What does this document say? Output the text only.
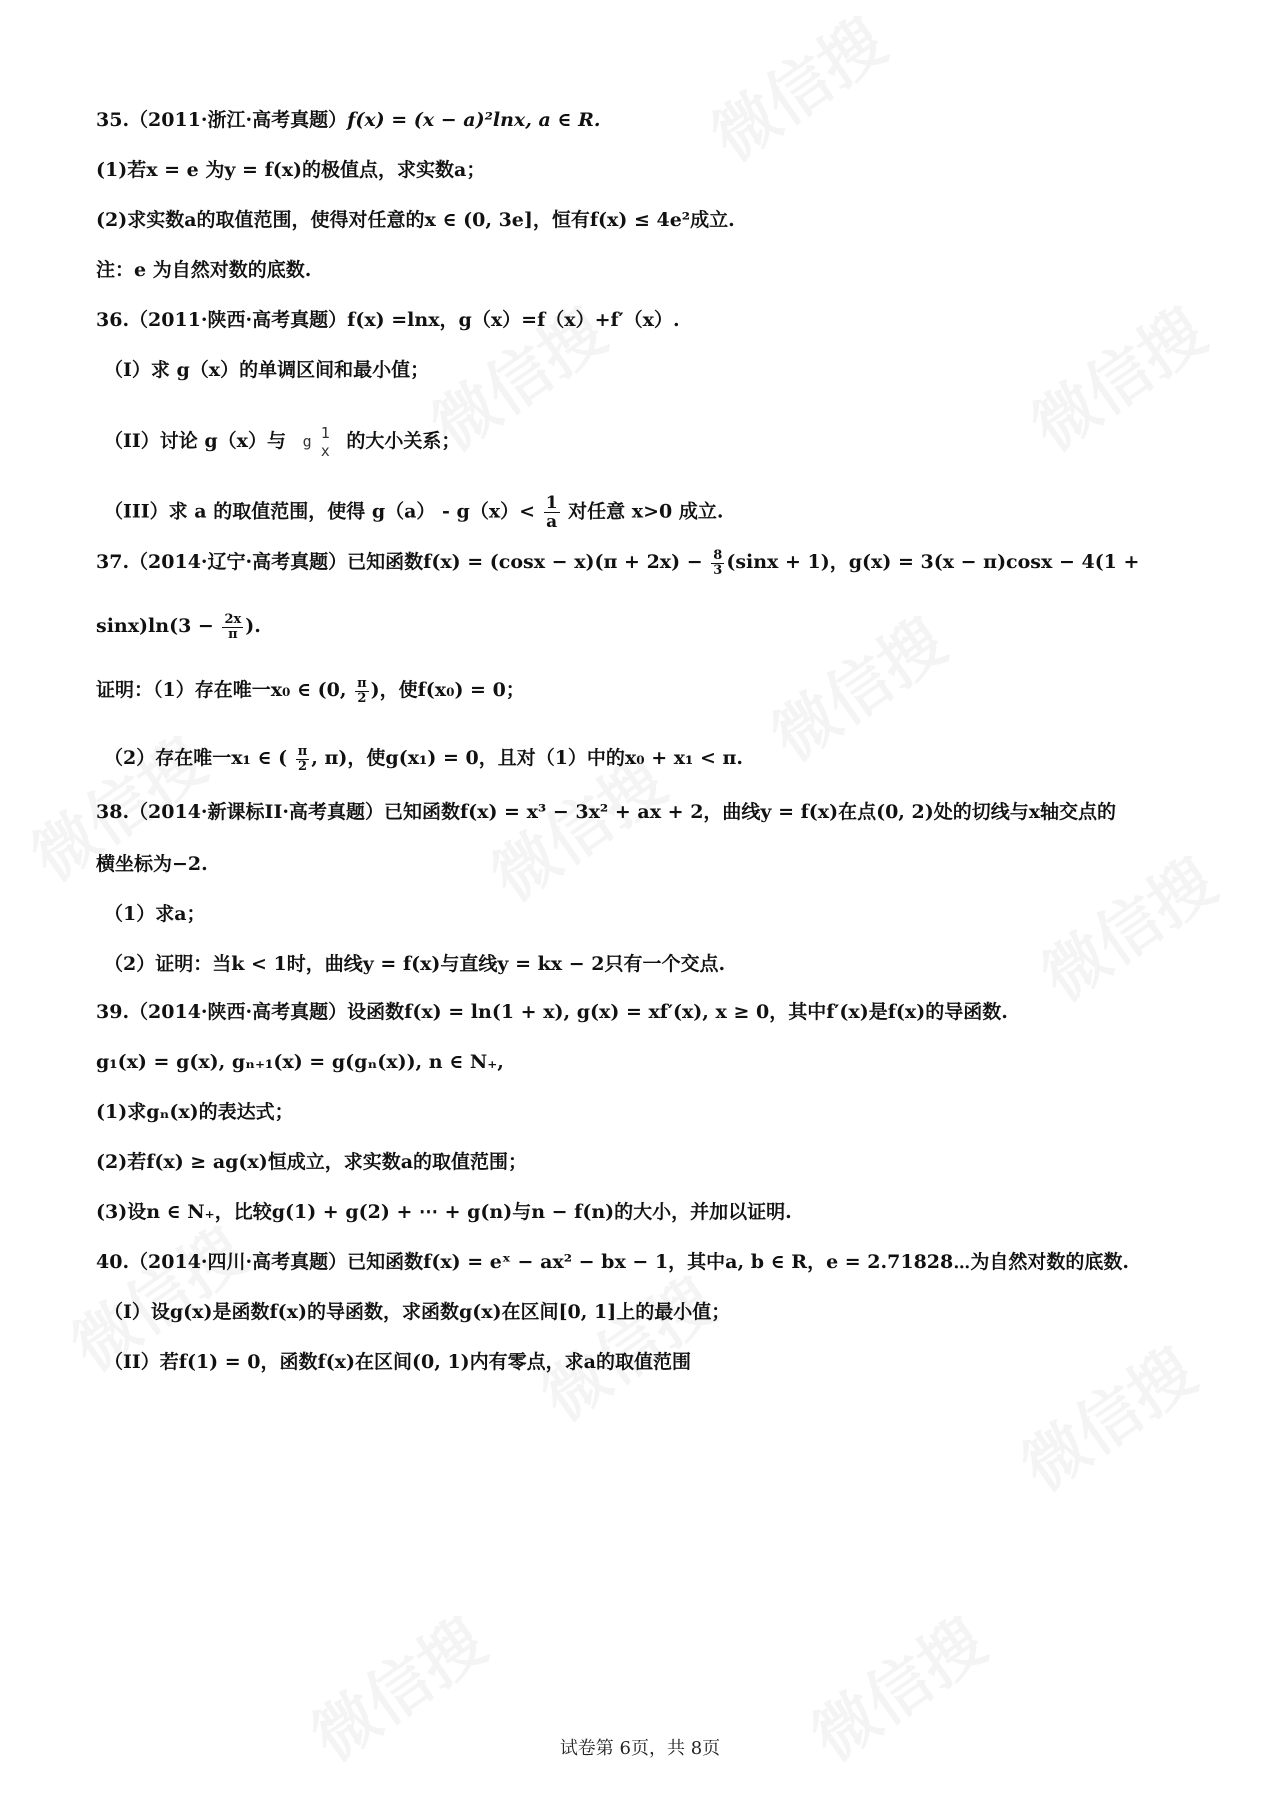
35.（2011·浙江·高考真题）f(x) = (x − a)²lnx, a ∈ R.
(1)若x = e 为y = f(x)的极值点，求实数a；
(2)求实数a的取值范围，使得对任意的x ∈ (0, 3e]，恒有f(x) ≤ 4e²成立.
注：e 为自然对数的底数.
36.（2011·陕西·高考真题）f(x) =lnx，g（x）=f（x）+f′（x）.
（I）求 g（x）的单调区间和最小值；
（II）讨论 g（x）与 g 1
x 的大小关系；
（III）求 a 的取值范围，使得 $g(a) - g(x)< \frac{1}{a}$ 对任意 x>0 成立.
37.（2014·辽宁·高考真题）已知函数$f(x) = (\cos x - x)(\pi + 2x) - \frac{8}{3} (\sin x + 1)$，g(x) = 3(x − π)cosx − 4(1 +
$\sin x)\ln(3 - \frac{2x}{\pi}$ ).
证明：（1）存在唯一x₀ ∈ (0, $\frac{\pi}{2}$ )，使f(x₀) = 0；
（2）存在唯一x₁ ∈ ( $\frac{\pi}{2}$ , π)，使g(x₁) = 0，且对（1）中的x₀ + x₁ < π.
38.（2014·新课标II·高考真题）已知函数f(x) = x³ − 3x² + ax + 2，曲线y = f(x)在点(0, 2)处的切线与x轴交点的
横坐标为−2.
（1）求a；
（2）证明：当k < 1时，曲线y = f(x)与直线y = kx − 2只有一个交点.
39.（2014·陕西·高考真题）设函数f(x) = ln(1 + x), g(x) = xf′(x), x ≥ 0，其中f′(x)是f(x)的导函数.
g₁(x) = g(x), gₙ₊₁(x) = g(gₙ(x)), n ∈ N₊,
(1)求gₙ(x)的表达式；
(2)若f(x) ≥ ag(x)恒成立，求实数a的取值范围；
(3)设n ∈ N₊，比较g(1) + g(2) + ⋯ + g(n)与n − f(n)的大小，并加以证明.
40.（2014·四川·高考真题）已知函数f(x) = eˣ − ax² − bx − 1，其中a, b ∈ R，e = 2.71828⋯为自然对数的底数.
（I）设g(x)是函数f(x)的导函数，求函数g(x)在区间[0, 1]上的最小值；
（II）若f(1) = 0，函数f(x)在区间(0, 1)内有零点，求a的取值范围
试卷第 6页，共 8页
